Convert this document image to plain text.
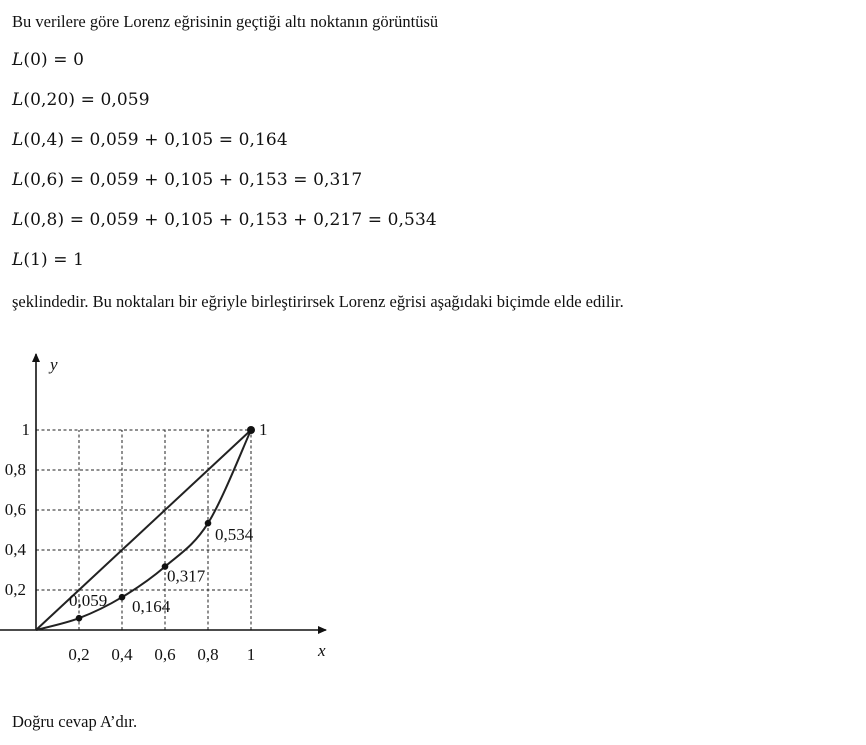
Bu verilere göre Lorenz eğrisinin geçtiği altı noktanın görüntüsü
L(0) = 0
L(0,20) = 0,059
L(0,4) = 0,059 + 0,105 = 0,164
L(0,6) = 0,059 + 0,105 + 0,153 = 0,317
L(0,8) = 0,059 + 0,105 + 0,153 + 0,217 = 0,534
L(1) = 1
şeklindedir. Bu noktaları bir eğriyle birleştirirsek Lorenz eğrisi aşağıdaki biçimde elde edilir.
0,2 0,4 0,6 0,8 1
0,2
0,4
0,6
0,8
1
0,059 0,164
0,317
0,534
1
x
y
Doğru cevap A’dır.
